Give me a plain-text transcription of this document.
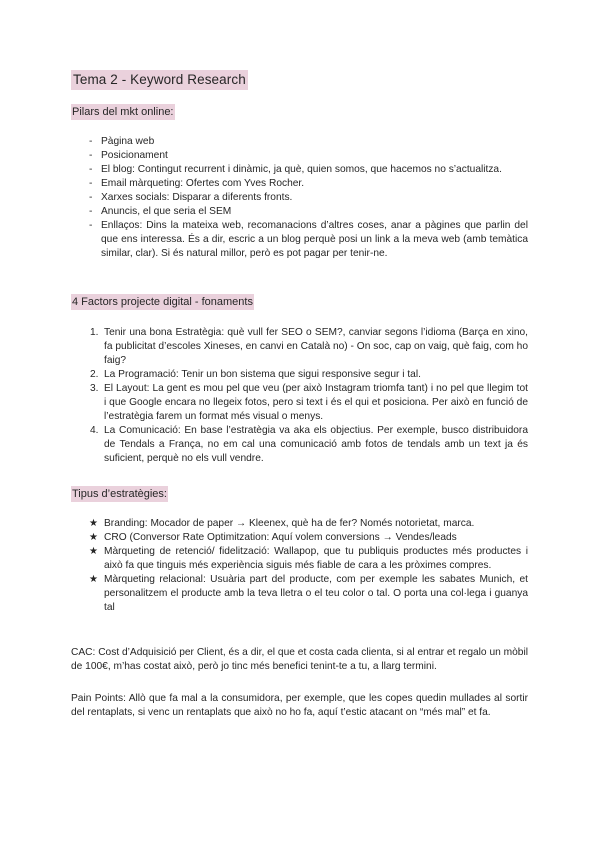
Tema 2 - Keyword Research
Pilars del mkt online:
- Pàgina web
- Posicionament
- El blog: Contingut recurrent i dinàmic, ja què, quien somos, que hacemos no s’actualitza.
- Email màrqueting: Ofertes com Yves Rocher.
- Xarxes socials: Disparar a diferents fronts.
- Anuncis, el que seria el SEM
- Enllaços: Dins la mateixa web, recomanacions d’altres coses, anar a pàgines que parlin del que ens interessa. És a dir, escric a un blog perquè posi un link a la meva web (amb temàtica similar, clar). Si és natural millor, però es pot pagar per tenir-ne.
4 Factors projecte digital - fonaments
1. Tenir una bona Estratègia: què vull fer SEO o SEM?, canviar segons l’idioma (Barça en xino, fa publicitat d’escoles Xineses, en canvi en Català no) - On soc, cap on vaig, què faig, com ho faig?
2. La Programació: Tenir un bon sistema que sigui responsive segur i tal.
3. El Layout: La gent es mou pel que veu (per això Instagram triomfa tant) i no pel que llegim tot i que Google encara no llegeix fotos, pero si text i és el qui et posiciona. Per això en funció de l’estratègia farem un format més visual o menys.
4. La Comunicació: En base l’estratègia va aka els objectius. Per exemple, busco distribuidora de Tendals a França, no em cal una comunicació amb fotos de tendals amb un text ja és suficient, perquè no els vull vendre.
Tipus d’estratègies:
★ Branding: Mocador de paper → Kleenex, què ha de fer? Només notorietat, marca.
★ CRO (Conversor Rate Optimitzation: Aquí volem conversions → Vendes/leads
★ Màrqueting de retenció/ fidelització: Wallapop, que tu publiquis productes més productes i això fa que tinguis més experiència siguis més fiable de cara a les pròximes compres.
★ Màrqueting relacional: Usuària part del producte, com per exemple les sabates Munich, et personalitzem el producte amb la teva lletra o el teu color o tal. O porta una col·lega i guanya tal

CAC: Cost d’Adquisició per Client, és a dir, el que et costa cada clienta, si al entrar et regalo un mòbil de 100€, m’has costat això, però jo tinc més benefici tenint-te a tu, a llarg termini.

Pain Points: Allò que fa mal a la consumidora, per exemple, que les copes quedin mullades al sortir del rentaplats, si venc un rentaplats que això no ho fa, aquí t’estic atacant on “més mal” et fa.
